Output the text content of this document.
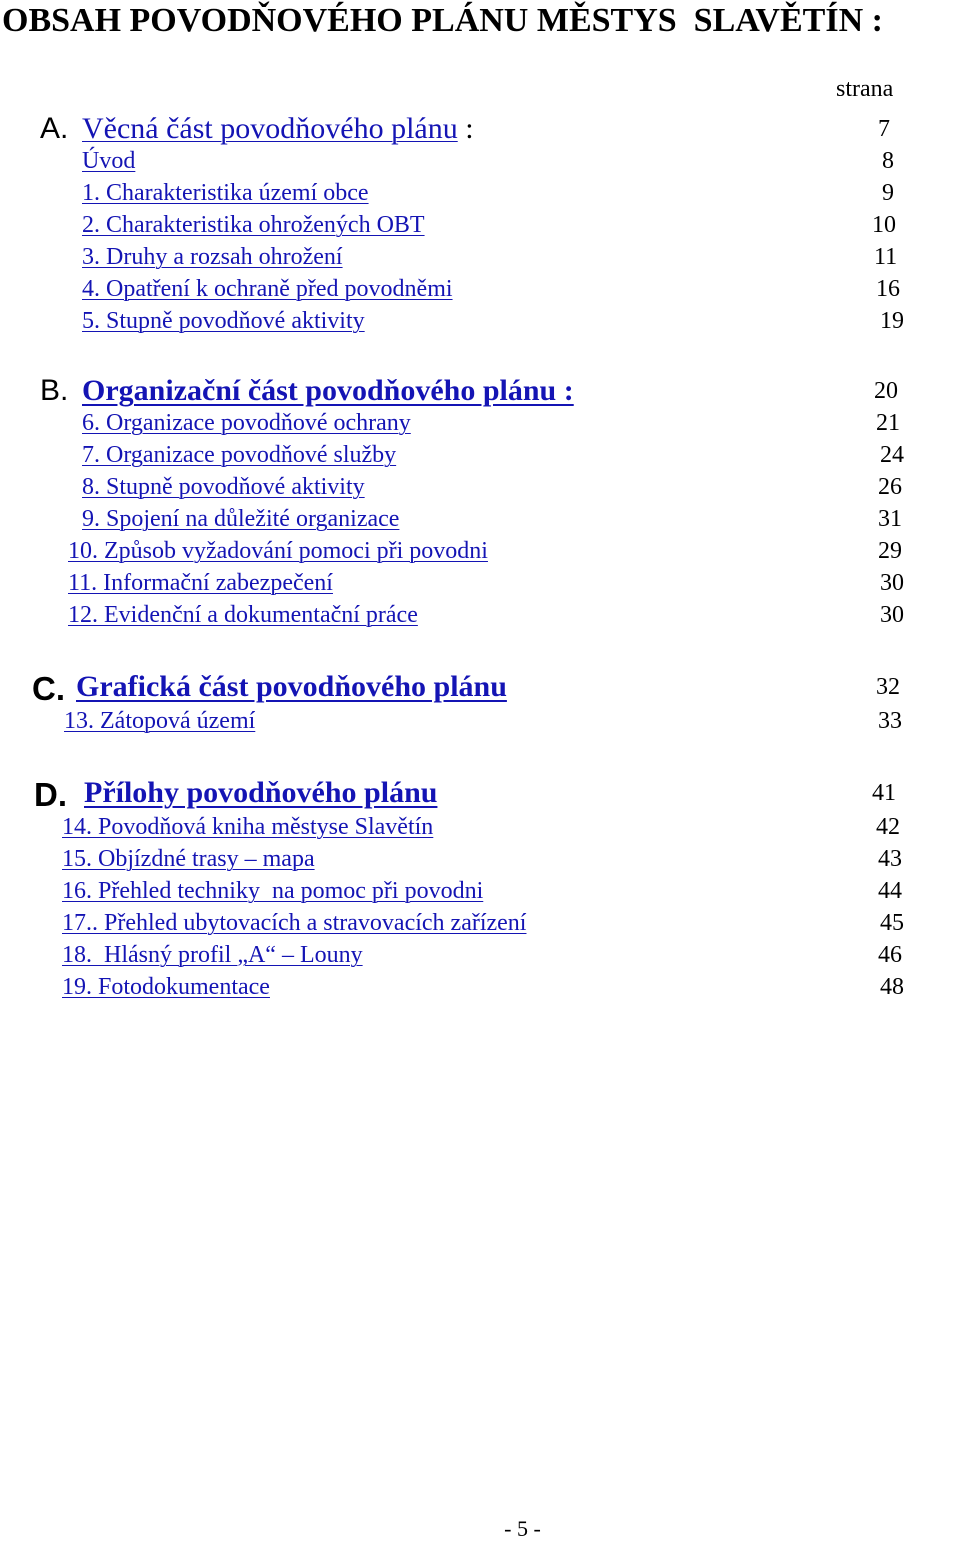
OBSAH POVODŇOVÉHO PLÁNU MĚSTYS  SLAVĚTÍN :
strana
A. Věcná část povodňového plánu :	7
Úvod	8
1. Charakteristika území obce	9
2. Charakteristika ohrožených OBT	10
3. Druhy a rozsah ohrožení	11
4. Opatření k ochraně před povodněmi	16
5. Stupně povodňové aktivity	19
B. Organizační část povodňového plánu :	20
6. Organizace povodňové ochrany	21
7. Organizace povodňové služby	24
8. Stupně povodňové aktivity	26
9. Spojení na důležité organizace	31
10. Způsob vyžadování pomoci při povodni	29
11. Informační zabezpečení	30
12. Evidenční a dokumentační práce	30
C. Grafická část povodňového plánu	32
13. Zátopová území	33
D. Přílohy povodňového plánu	41
14. Povodňová kniha městyse Slavětín	42
15. Objízdné trasy – mapa	43
16. Přehled techniky  na pomoc při povodni	44
17.. Přehled ubytovacích a stravovacích zařízení	45
18.  Hlásný profil „A“ – Louny	46
19. Fotodokumentace	48
- 5 -
